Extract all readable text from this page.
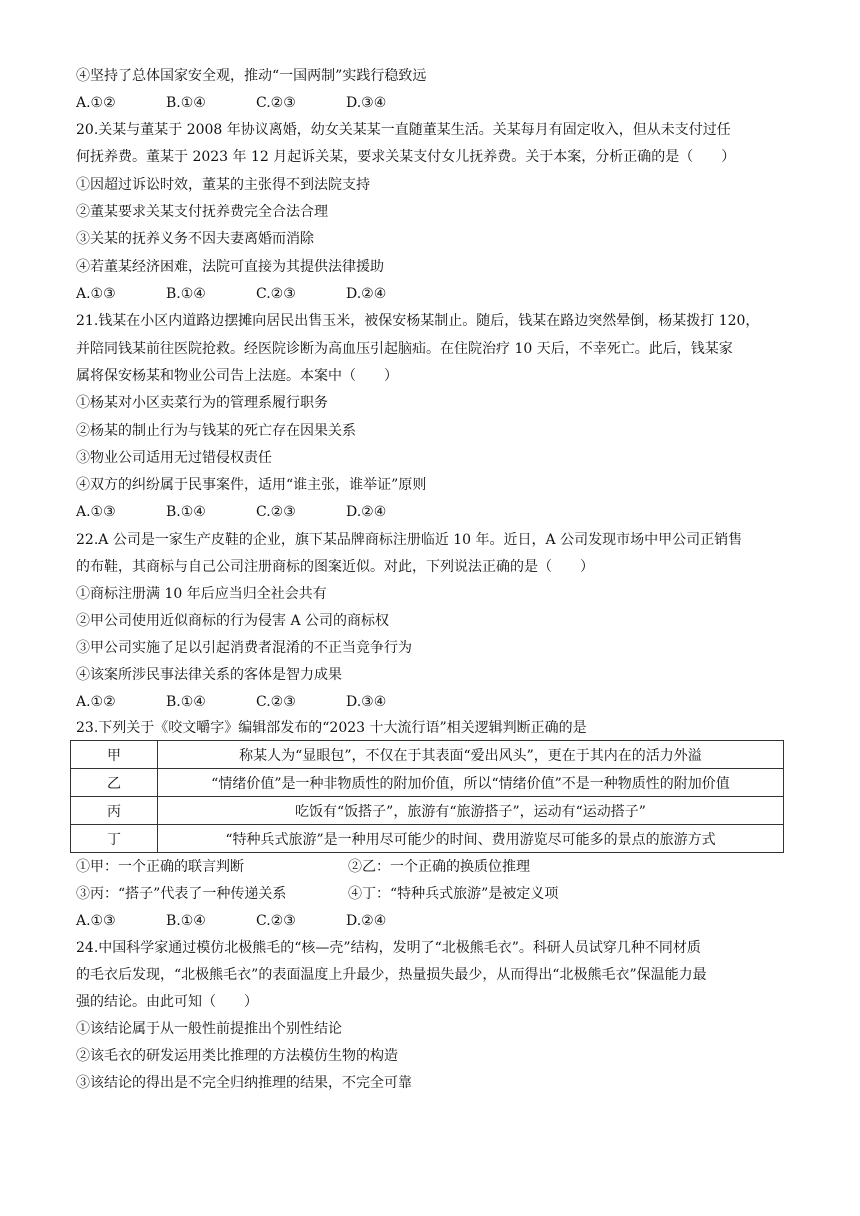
④坚持了总体国家安全观，推动“一国两制”实践行稳致远
A.①②	B.①④	C.②③	D.③④
20.关某与董某于 2008 年协议离婚，幼女关某某一直随董某生活。关某每月有固定收入，但从未支付过任
何抚养费。董某于 2023 年 12 月起诉关某，要求关某支付女儿抚养费。关于本案，分析正确的是（　　）
①因超过诉讼时效，董某的主张得不到法院支持
②董某要求关某支付抚养费完全合法合理
③关某的抚养义务不因夫妻离婚而消除
④若董某经济困难，法院可直接为其提供法律援助
A.①③	B.①④	C.②③	D.②④
21.钱某在小区内道路边摆摊向居民出售玉米，被保安杨某制止。随后，钱某在路边突然晕倒，杨某拨打 120，
并陪同钱某前往医院抢救。经医院诊断为高血压引起脑疝。在住院治疗 10 天后，不幸死亡。此后，钱某家
属将保安杨某和物业公司告上法庭。本案中（　　）
①杨某对小区卖菜行为的管理系履行职务
②杨某的制止行为与钱某的死亡存在因果关系
③物业公司适用无过错侵权责任
④双方的纠纷属于民事案件，适用“谁主张，谁举证”原则
A.①③	B.①④	C.②③	D.②④
22.A 公司是一家生产皮鞋的企业，旗下某品牌商标注册临近 10 年。近日，A 公司发现市场中甲公司正销售
的布鞋，其商标与自己公司注册商标的图案近似。对此，下列说法正确的是（　　）
①商标注册满 10 年后应当归全社会共有
②甲公司使用近似商标的行为侵害 A 公司的商标权
③甲公司实施了足以引起消费者混淆的不正当竞争行为
④该案所涉民事法律关系的客体是智力成果
A.①②	B.①④	C.②③	D.③④
23.下列关于《咬文嚼字》编辑部发布的“2023 十大流行语”相关逻辑判断正确的是
甲	称某人为“显眼包”，不仅在于其表面“爱出风头”，更在于其内在的活力外溢
乙	“情绪价值”是一种非物质性的附加价值，所以“情绪价值”不是一种物质性的附加价值
丙	吃饭有“饭搭子”，旅游有“旅游搭子”，运动有“运动搭子”
丁	“特种兵式旅游”是一种用尽可能少的时间、费用游览尽可能多的景点的旅游方式
①甲：一个正确的联言判断	②乙：一个正确的换质位推理
③丙：“搭子”代表了一种传递关系	④丁：“特种兵式旅游”是被定义项
A.①③	B.①④	C.②③	D.②④
24.中国科学家通过模仿北极熊毛的“核—壳”结构，发明了“北极熊毛衣”。科研人员试穿几种不同材质
的毛衣后发现，“北极熊毛衣”的表面温度上升最少，热量损失最少，从而得出“北极熊毛衣”保温能力最
强的结论。由此可知（　　）
①该结论属于从一般性前提推出个别性结论
②该毛衣的研发运用类比推理的方法模仿生物的构造
③该结论的得出是不完全归纳推理的结果，不完全可靠
